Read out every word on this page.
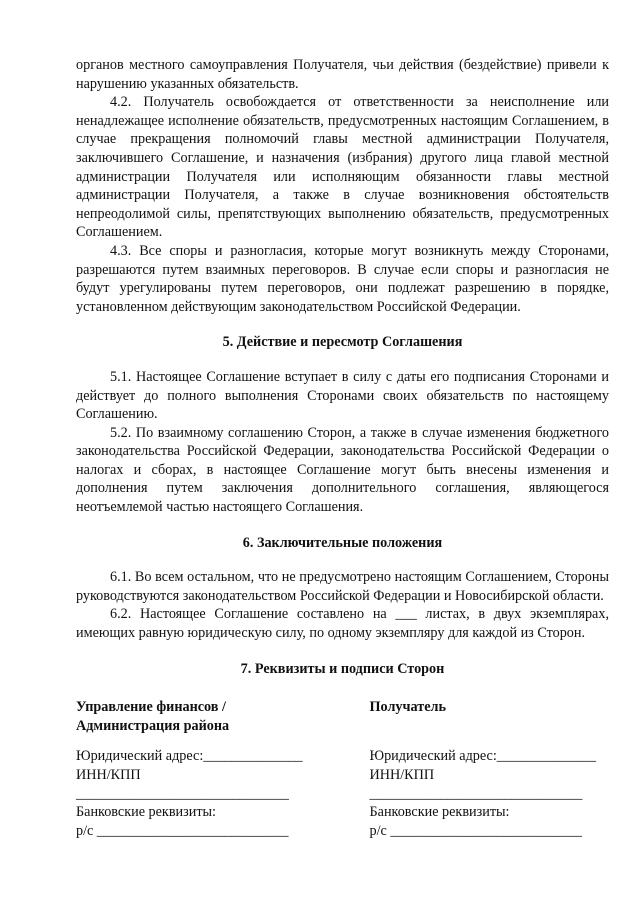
органов местного самоуправления Получателя, чьи действия (бездействие) привели к нарушению указанных обязательств.

4.2. Получатель освобождается от ответственности за неисполнение или ненадлежащее исполнение обязательств, предусмотренных настоящим Соглашением, в случае прекращения полномочий главы местной администрации Получателя, заключившего Соглашение, и назначения (избрания) другого лица главой местной администрации Получателя или исполняющим обязанности главы местной администрации Получателя, а также в случае возникновения обстоятельств непреодолимой силы, препятствующих выполнению обязательств, предусмотренных Соглашением.

4.3. Все споры и разногласия, которые могут возникнуть между Сторонами, разрешаются путем взаимных переговоров. В случае если споры и разногласия не будут урегулированы путем переговоров, они подлежат разрешению в порядке, установленном действующим законодательством Российской Федерации.

5. Действие и пересмотр Соглашения

5.1. Настоящее Соглашение вступает в силу с даты его подписания Сторонами и действует до полного выполнения Сторонами своих обязательств по настоящему Соглашению.

5.2. По взаимному соглашению Сторон, а также в случае изменения бюджетного законодательства Российской Федерации, законодательства Российской Федерации о налогах и сборах, в настоящее Соглашение могут быть внесены изменения и дополнения путем заключения дополнительного соглашения, являющегося неотъемлемой частью настоящего Соглашения.

6. Заключительные положения

6.1. Во всем остальном, что не предусмотрено настоящим Соглашением, Стороны руководствуются законодательством Российской Федерации и Новосибирской области.

6.2. Настоящее Соглашение составлено на ___ листах, в двух экземплярах, имеющих равную юридическую силу, по одному экземпляру для каждой из Сторон.

7. Реквизиты и подписи Сторон
Управление финансов /
Администрация района
Юридический адрес:______________
ИНН/КПП
______________________________
Банковские реквизиты:
р/с ___________________________
Получатель

Юридический адрес:______________
ИНН/КПП
______________________________
Банковские реквизиты:
р/с ___________________________
